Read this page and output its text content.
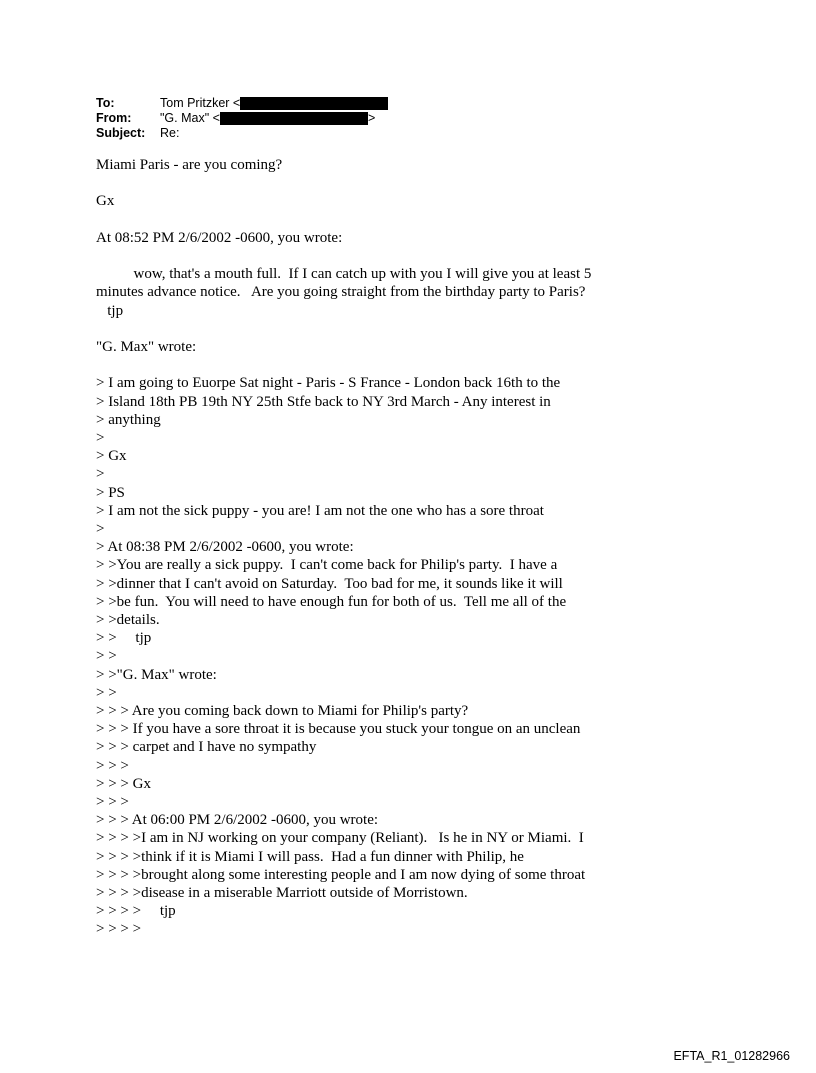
To:	Tom Pritzker <
From:	"G. Max" <	>
Subject:	Re:
Miami Paris - are you coming?
Gx
At 08:52 PM 2/6/2002 -0600, you wrote:
wow, that's a mouth full.  If I can catch up with you I will give you at least 5
minutes advance notice.   Are you going straight from the birthday party to Paris?
tjp
"G. Max" wrote:
> I am going to Euorpe Sat night - Paris - S France - London back 16th to the
> Island 18th PB 19th NY 25th Stfe back to NY 3rd March - Any interest in
> anything
>
> Gx
>
> PS
> I am not the sick puppy - you are! I am not the one who has a sore throat
>
> At 08:38 PM 2/6/2002 -0600, you wrote:
> >You are really a sick puppy.  I can't come back for Philip's party.  I have a
> >dinner that I can't avoid on Saturday.  Too bad for me, it sounds like it will
> >be fun.  You will need to have enough fun for both of us.  Tell me all of the
> >details.
> >     tjp
> >
> >"G. Max" wrote:
> >
> > > Are you coming back down to Miami for Philip's party?
> > > If you have a sore throat it is because you stuck your tongue on an unclean
> > > carpet and I have no sympathy
> > >
> > > Gx
> > >
> > > At 06:00 PM 2/6/2002 -0600, you wrote:
> > > >I am in NJ working on your company (Reliant).   Is he in NY or Miami.  I
> > > >think if it is Miami I will pass.  Had a fun dinner with Philip, he
> > > >brought along some interesting people and I am now dying of some throat
> > > >disease in a miserable Marriott outside of Morristown.
> > > >     tjp
> > > >
EFTA_R1_01282966
